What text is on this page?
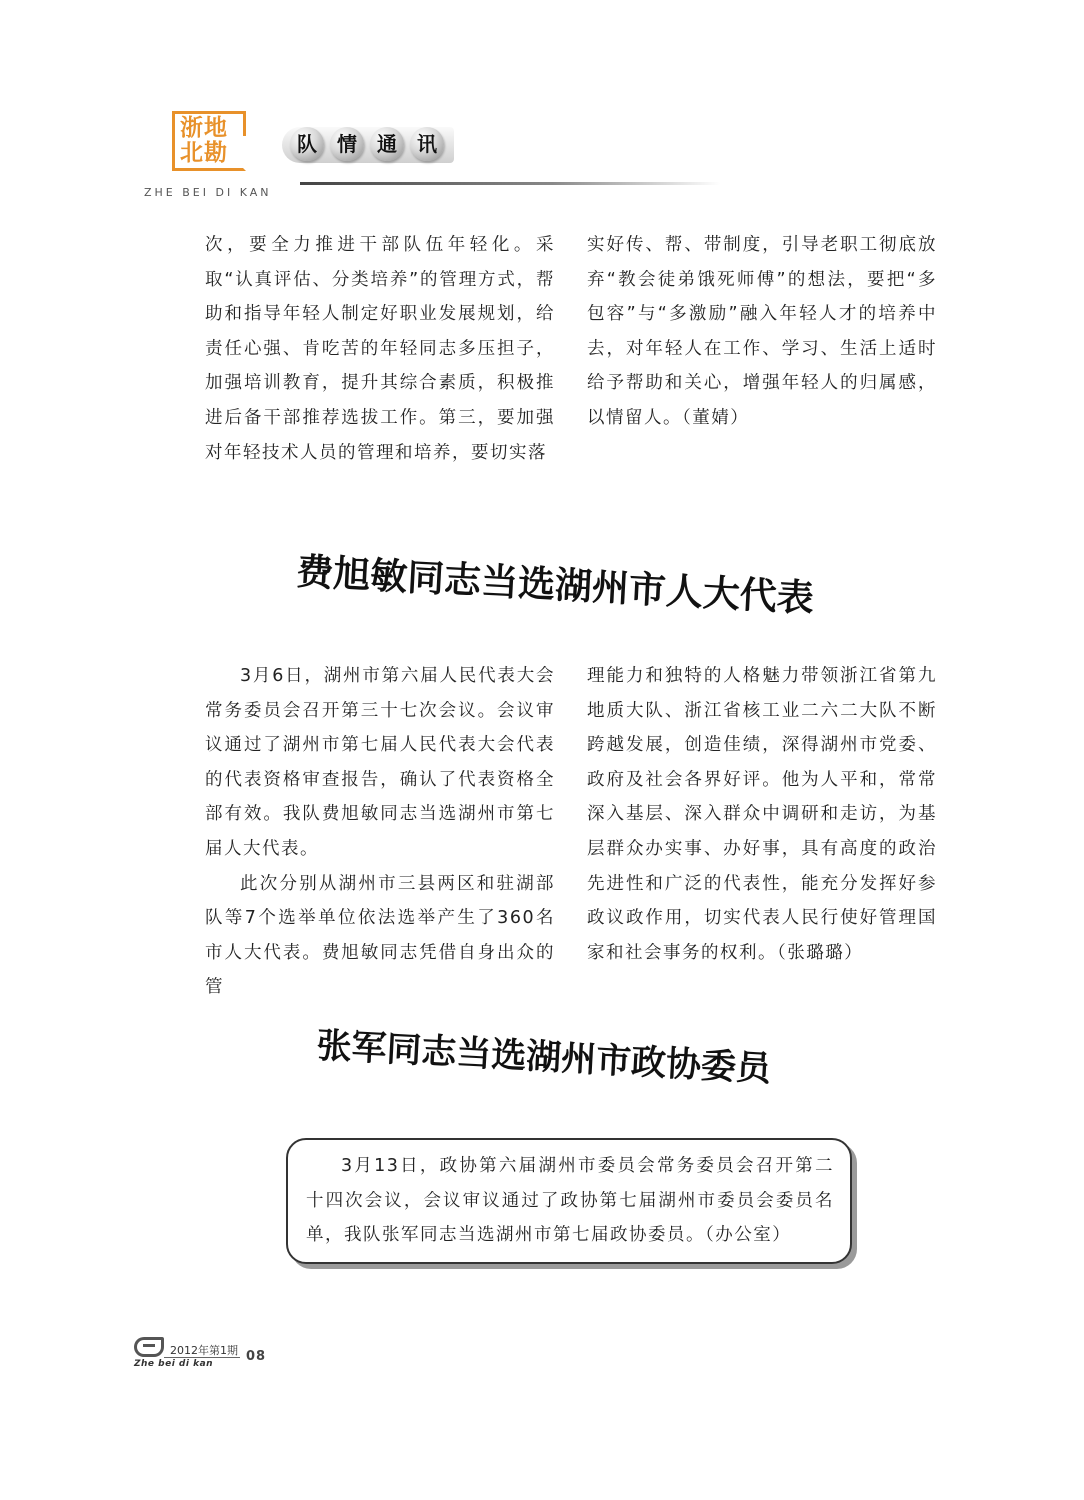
浙地北勘
ZHE BEI DI KAN
队	情	通	讯

次，要全力推进干部队伍年轻化。采取“认真评估、分类培养”的管理方式，帮助和指导年轻人制定好职业发展规划，给责任心强、肯吃苦的年轻同志多压担子，加强培训教育，提升其综合素质，积极推进后备干部推荐选拔工作。第三，要加强对年轻技术人员的管理和培养，要切实落

实好传、帮、带制度，引导老职工彻底放弃“教会徒弟饿死师傅”的想法，要把“多包容”与“多激励”融入年轻人才的培养中去，对年轻人在工作、学习、生活上适时给予帮助和关心，增强年轻人的归属感，以情留人。（董婧）

费旭敏同志当选湖州市人大代表

3月6日，湖州市第六届人民代表大会常务委员会召开第三十七次会议。会议审议通过了湖州市第七届人民代表大会代表的代表资格审查报告，确认了代表资格全部有效。我队费旭敏同志当选湖州市第七届人大代表。

此次分别从湖州市三县两区和驻湖部队等7个选举单位依法选举产生了360名市人大代表。费旭敏同志凭借自身出众的管

理能力和独特的人格魅力带领浙江省第九地质大队、浙江省核工业二六二大队不断跨越发展，创造佳绩，深得湖州市党委、政府及社会各界好评。他为人平和，常常深入基层、深入群众中调研和走访，为基层群众办实事、办好事，具有高度的政治先进性和广泛的代表性，能充分发挥好参政议政作用，切实代表人民行使好管理国家和社会事务的权利。（张璐璐）

张军同志当选湖州市政协委员

3月13日，政协第六届湖州市委员会常务委员会召开第二十四次会议，会议审议通过了政协第七届湖州市委员会委员名单，我队张军同志当选湖州市第七届政协委员。（办公室）

2012年第1期
Zhe bei di kan	08
